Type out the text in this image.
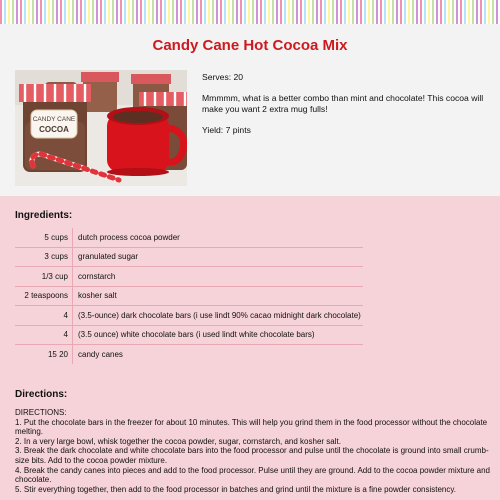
Candy Cane Hot Cocoa Mix
CANDY CANE
COCOA

Serves: 20

Mmmmm, what is a better combo than mint and chocolate! This cocoa will make you want 2 extra mug fulls!

Yield: 7 pints

Ingredients:
5 cups	dutch process cocoa powder
3 cups	granulated sugar
1/3 cup	cornstarch
2 teaspoons	kosher salt
4	(3.5-ounce) dark chocolate bars (i use lindt 90% cacao midnight dark chocolate)
4	(3.5 ounce) white chocolate bars (i used lindt white chocolate bars)
15 20	candy canes
Directions:
DIRECTIONS:
1. Put the chocolate bars in the freezer for about 10 minutes. This will help you grind them in the food processor without the chocolate melting.
2. In a very large bowl, whisk together the cocoa powder, sugar, cornstarch, and kosher salt.
3. Break the dark chocolate and white chocolate bars into the food processor and pulse until the chocolate is ground into small crumb-size bits. Add to the cocoa powder mixture.
4. Break the candy canes into pieces and add to the food processor. Pulse until they are ground. Add to the cocoa powder mixture and chocolate.
5. Stir everything together, then add to the food processor in batches and grind until the mixture is a fine powder consistency.
